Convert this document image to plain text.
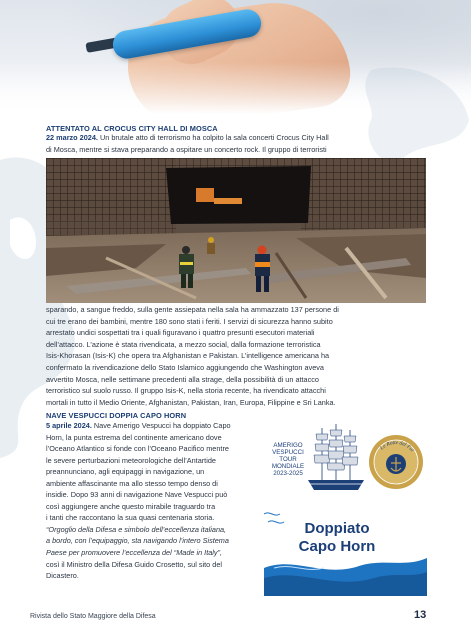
ATTENTATO AL CROCUS CITY HALL DI MOSCA

22 marzo 2024. Un brutale atto di terrorismo ha colpito la sala concerti Crocus City Hall

di Mosca, mentre si stava preparando a ospitare un concerto rock. Il gruppo di terroristi

sparando, a sangue freddo, sulla gente assiepata nella sala ha ammazzato 137 persone di

cui tre erano dei bambini, mentre 180 sono stati i feriti. I servizi di sicurezza hanno subito

arrestato undici sospettati tra i quali figuravano i quattro presunti esecutori materiali

dell’attacco. L’azione è stata rivendicata, a mezzo social, dalla formazione terroristica

Isis-Khorasan (Isis-K) che opera tra Afghanistan e Pakistan. L’intelligence americana ha

confermato la rivendicazione dello Stato Islamico aggiungendo che Washington aveva

avvertito Mosca, nelle settimane precedenti alla strage, della possibilità di un attacco

terroristico sul suolo russo. Il gruppo Isis-K, nella storia recente, ha rivendicato attacchi

mortali in tutto il Medio Oriente, Afghanistan, Pakistan, Iran, Europa, Filippine e Sri Lanka.

NAVE VESPUCCI DOPPIA CAPO HORN

5 aprile 2024. Nave Amerigo Vespucci ha doppiato Capo

Horn, la punta estrema del continente americano dove

l’Oceano Atlantico si fonde con l’Oceano Pacifico mentre

le severe perturbazioni meteorologiche dell’Antartide

preannunciano, agli equipaggi in navigazione, un

ambiente affascinante ma allo stesso tempo denso di

insidie. Dopo 93 anni di navigazione Nave Vespucci può

così aggiungere anche questo mirabile traguardo tra

i tanti che raccontano la sua quasi centenaria storia.

“Orgoglio della Difesa e simbolo dell’eccellenza italiana,

a bordo, con l’equipaggio, sta navigando l’intero Sistema

Paese per promuovere l’eccellenza del “Made in Italy”,

così il Ministro della Difesa Guido Crosetto, sul sito del

Dicastero.

AMERIGO
VESPUCCI
TOUR
MONDIALE
2023-2025
Le Rotte del Fut
Doppiato
Capo Horn
Rivista dello Stato Maggiore della Difesa	13
